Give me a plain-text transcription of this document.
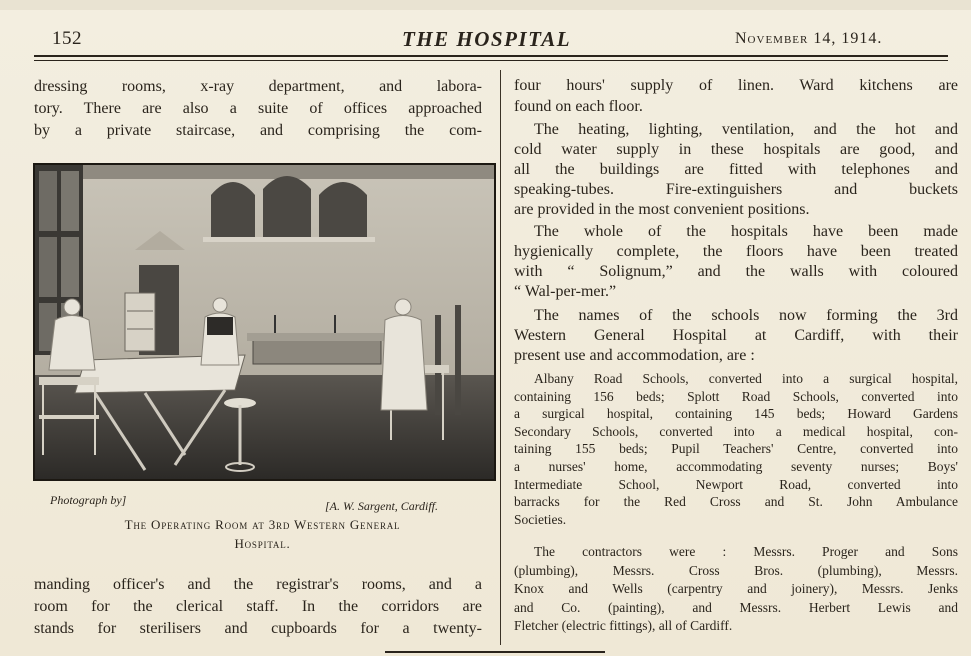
152	THE HOSPITAL	November 14, 1914.
dressing rooms, x-ray department, and labora-
tory. There are also a suite of offices approached
by a private staircase, and comprising the com-
Photograph by]	[A. W. Sargent, Cardiff.
The Operating Room at 3rd Western General
Hospital.
manding officer's and the registrar's rooms, and a
room for the clerical staff. In the corridors are
stands for sterilisers and cupboards for a twenty-
four hours' supply of linen. Ward kitchens are
found on each floor.
The heating, lighting, ventilation, and the hot and
cold water supply in these hospitals are good, and
all the buildings are fitted with telephones and
speaking-tubes. Fire-extinguishers and buckets
are provided in the most convenient positions.
The whole of the hospitals have been made
hygienically complete, the floors have been treated
with “ Solignum,” and the walls with coloured
“ Wal-per-mer.”
The names of the schools now forming the 3rd
Western General Hospital at Cardiff, with their
present use and accommodation, are :
Albany Road Schools, converted into a surgical hospital,
containing 156 beds; Splott Road Schools, converted into
a surgical hospital, containing 145 beds; Howard Gardens
Secondary Schools, converted into a medical hospital, con-
taining 155 beds; Pupil Teachers' Centre, converted into
a nurses' home, accommodating seventy nurses; Boys'
Intermediate School, Newport Road, converted into
barracks for the Red Cross and St. John Ambulance
Societies.
The contractors were : Messrs. Proger and Sons
(plumbing), Messrs. Cross Bros. (plumbing), Messrs.
Knox and Wells (carpentry and joinery), Messrs. Jenks
and Co. (painting), and Messrs. Herbert Lewis and
Fletcher (electric fittings), all of Cardiff.
